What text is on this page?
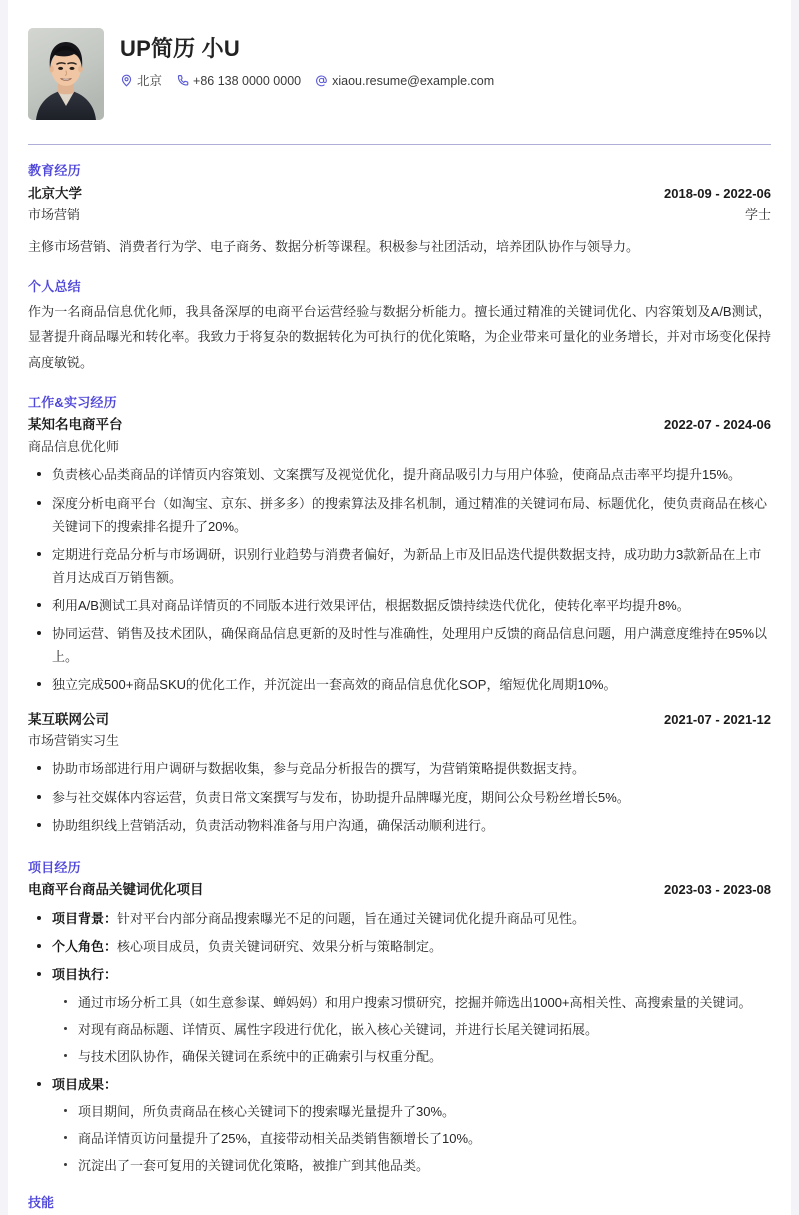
UP简历 小U
北京 +86 138 0000 0000 xiaou.resume@example.com
教育经历
北京大学	2018-09 - 2022-06
市场营销	学士
主修市场营销、消费者行为学、电子商务、数据分析等课程。积极参与社团活动，培养团队协作与领导力。
个人总结

作为一名商品信息优化师，我具备深厚的电商平台运营经验与数据分析能力。擅长通过精准的关键词优化、内容策划及A/B测试，显著提升商品曝光和转化率。我致力于将复杂的数据转化为可执行的优化策略，为企业带来可量化的业务增长，并对市场变化保持高度敏锐。

工作&实习经历
某知名电商平台	2022-07 - 2024-06
商品信息优化师
负责核心品类商品的详情页内容策划、文案撰写及视觉优化，提升商品吸引力与用户体验，使商品点击率平均提升15%。
深度分析电商平台（如淘宝、京东、拼多多）的搜索算法及排名机制，通过精准的关键词布局、标题优化，使负责商品在核心关键词下的搜索排名提升了20%。
定期进行竞品分析与市场调研，识别行业趋势与消费者偏好，为新品上市及旧品迭代提供数据支持，成功助力3款新品在上市首月达成百万销售额。
利用A/B测试工具对商品详情页的不同版本进行效果评估，根据数据反馈持续迭代优化，使转化率平均提升8%。
协同运营、销售及技术团队，确保商品信息更新的及时性与准确性，处理用户反馈的商品信息问题，用户满意度维持在95%以上。
独立完成500+商品SKU的优化工作，并沉淀出一套高效的商品信息优化SOP，缩短优化周期10%。
某互联网公司	2021-07 - 2021-12
市场营销实习生
协助市场部进行用户调研与数据收集，参与竞品分析报告的撰写，为营销策略提供数据支持。
参与社交媒体内容运营，负责日常文案撰写与发布，协助提升品牌曝光度，期间公众号粉丝增长5%。
协助组织线上营销活动，负责活动物料准备与用户沟通，确保活动顺利进行。
项目经历
电商平台商品关键词优化项目	2023-03 - 2023-08
项目背景：针对平台内部分商品搜索曝光不足的问题，旨在通过关键词优化提升商品可见性。
个人角色：核心项目成员，负责关键词研究、效果分析与策略制定。
项目执行：
通过市场分析工具（如生意参谋、蝉妈妈）和用户搜索习惯研究，挖掘并筛选出1000+高相关性、高搜索量的关键词。
对现有商品标题、详情页、属性字段进行优化，嵌入核心关键词，并进行长尾关键词拓展。
与技术团队协作，确保关键词在系统中的正确索引与权重分配。
项目成果：
项目期间，所负责商品在核心关键词下的搜索曝光量提升了30%。
商品详情页访问量提升了25%，直接带动相关品类销售额增长了10%。
沉淀出了一套可复用的关键词优化策略，被推广到其他品类。
技能
